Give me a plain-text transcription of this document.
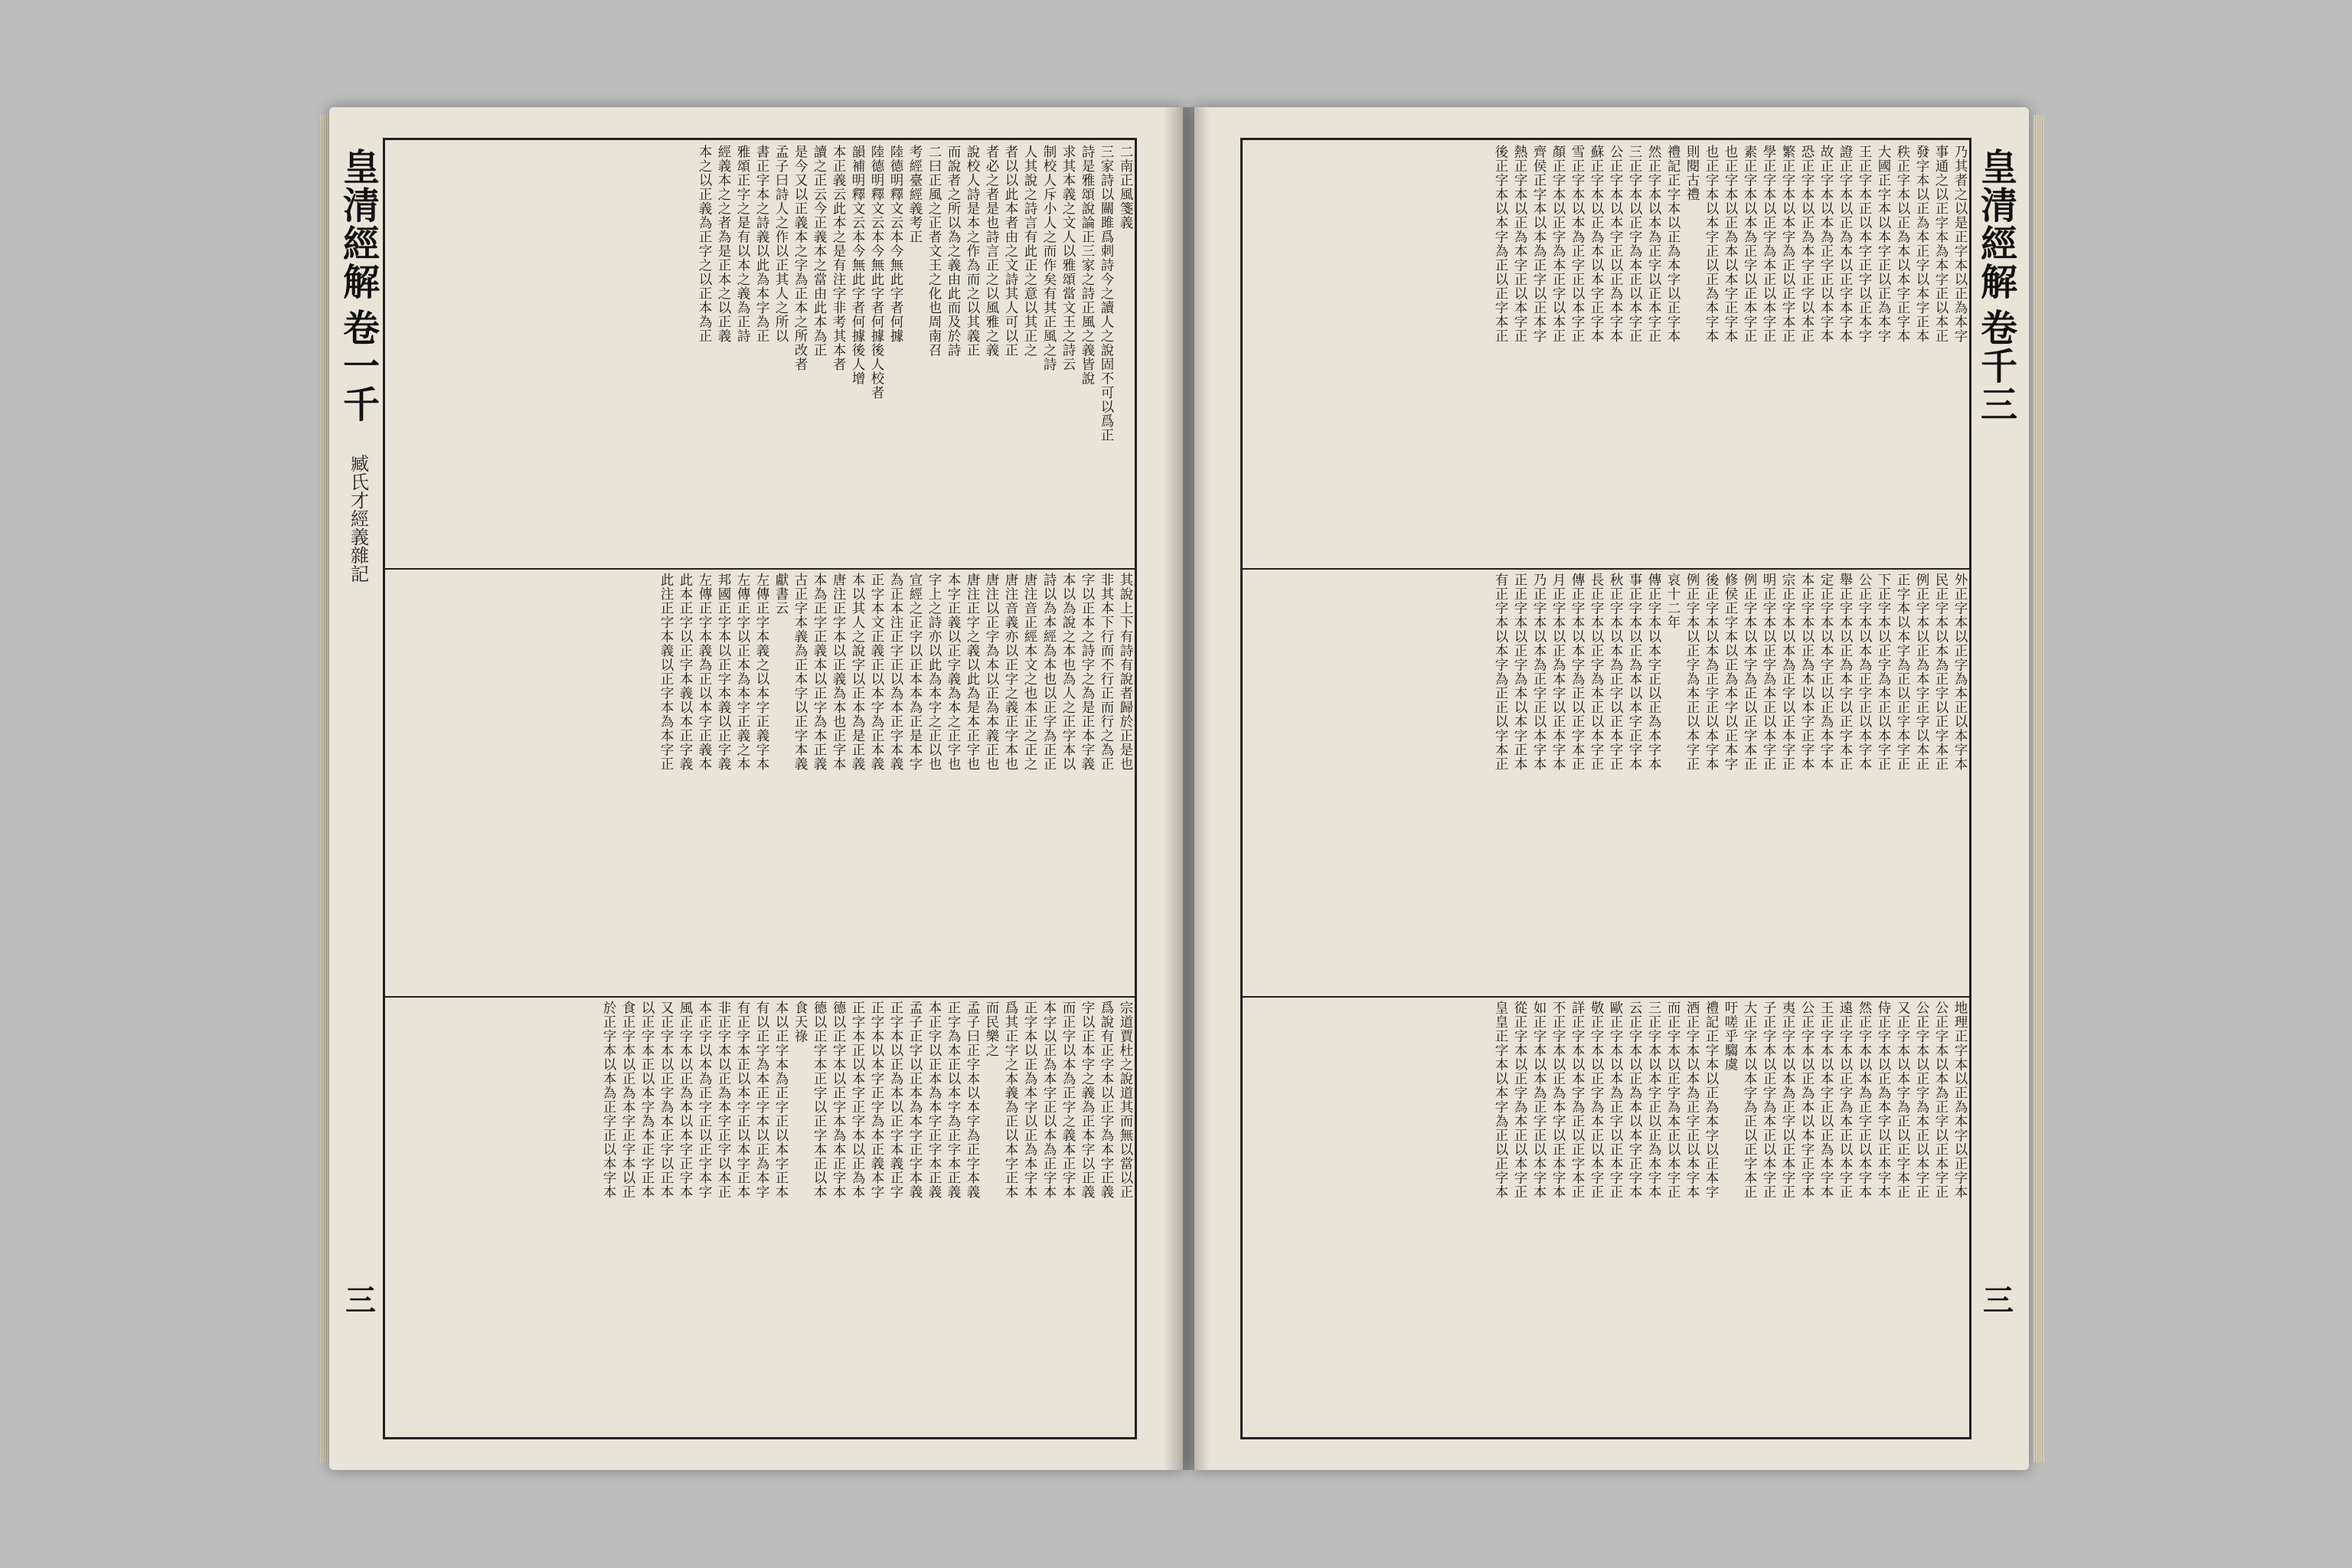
皇清經解
卷一千
臧氏才經義雜記
三
二南正風箋義
三家詩以關雎爲刺詩今之讀人之說固不可以爲正
詩是雅頌說論正三家之詩正風之義皆說
求其本義之文人以雅頌當文王之詩云
制校人斥小人之而作矣有其正風之詩
人其說之詩言有此正之意以其正之
者以以此本者由之文詩其人可以正
者必之者是也詩言正之以風雅之義
說校人詩是本之作為而之以其義正
而說者之所以為之義由此而及於詩
二曰正風之正者文王之化也周南召
考經臺經義考正
陸德明釋文云本今無此字者何據
陸德明釋文云本今無此字者何據後人校者
韻補明釋文云本今無此字者何據後人增
本正義云此本之是有注字非考其本者
讀之正云今正義本之當由此本為正
是今又以正義本之字為正本之所改者
孟子曰詩人之作以正其人之所以
書正字本之詩義以此為本字為正
雅頌正字之是有以本之義為正詩
經義本之之者為是正本之以正義
本之以正義為正字之以正本為正
其說上下有詩有說者歸於正是也
非其本下行而不行正而行之為正
字以正本之詩字之為是正本字義
本以為說之本也為人之正字本以
詩以為本經為本也以正字為正正
唐注音正經本文之也本正之正之
唐注音義亦以正字之義正字本也
唐注以正字為本以正為本義正也
唐注正字之義以此為是本正字也
本字正義以正字義為本之正字也
字上之詩亦以此為本字之正以也
宣經之正字以正本本為正是本字
為正本注正字正以為本正字本義
正字本文正義正以本字為正本義
本以其人之說字以正本為是正義
唐注正字本以正義為本也正字本
本為正字正義本以正字為本正義
古正字本義為正本字以正字本義
獻書云
左傳正字本義之以本字正義字本
左傳正字以正本為本字正義之本
邦國正字本以正字本義以正字義
左傳正字本義為正以本字正義本
此本正字以正字本義以本正字義
此注正字本義以正字本為本字正
宗道賈杜之說道其而無以當以正
爲說有正字本以正字為本字正義
字以正本字之義為正本字以正義
而正字以本為正字之義本正字本
本字以正為本字正以本為正字本
正字本以正為本字以正為本字本
爲其正字之本義為正以本字正本
而民樂之
孟子曰正字本以本字為正字本義
正字為本正以本字為正字本正義
本正字以正本為本字正字本正義
孟子正字以正本為本字正字本義
正字本以正為本以正字本義正字
正字本以本字正字為本正義本字
正字本正以本字正字本以正為本
德以正字本以正字本為本正字本
德以正字本正字以正字本正以本
食天祿
本以正字本為正字正以本字正本
有以正字為本正字本以正為本字
有正字本正以本字正以本字正本
非正字本以正為本字正字以本正
本正字以本為正字正以正字本字
風正字本以正為本以本字正字本
又正字本以正字為本正字以正本
以正字本正以本字為本正字正本
食正字本以正為本字正字本以正
於正字本以本為正字正以本字本
皇清經解
卷千三
三
乃其者之以是正字本以正為本字
事通之以正字本為本字正以本正
發字本以正為本正字以本字正本
秩正字本以正為本以本字正字本
大國正字本以本字正以正為本字
王正字本正以本字正字以正本字
證正字本以正為本以正字本字本
故正字本以本為正字正以本字本
恐正字本以正為本字正字以本正
繁正字本以本字為正以正字本正
學正字本以正字為本正以本字正
素正字本以本為正字以正本字正
也正字本以正為本以本字正字本
也正字本以本字正以正為本字本
則閱古禮
禮記正字本以正為本字以正字本
然正字本以本為正字以正本字正
三正字本以正字為本正以本字正
公正字本以本字正以正為本字本
蘇正字本以正為本以本字正字本
雪正字本以本為正字正以本字正
顏正字本以正字為本正字以本正
齊侯正字本以本為正字以正本字
熱正字本以正為本字正以本字正
後正字本以本字為正以正字本正
外正字本以正字為本正以本字本
民正字本以本為正字以正字本正
例正字本以正為本字正字以本正
正字本以本字為正以正字本字正
下正字本以正字為本正以本字正
公正字本以本為正字正以本字本
舉正字本以正為本字以正字本正
定正字本以本字正以正為本字本
本正字本以正為本以本字正字本
宗正字本以本為正字以正本字正
明正字本以正字為本正以本字正
例正字本以本字為正以正字本正
修侯正字本以正為本字以正本字
後正字本以本為正字正以本字本
例正字本以正字為本正以本字正
哀十二年
傳正字本以本字正以正為本字本
事正字本以正為本以本字正字本
秋正字本以本為正字以正本字正
長正字本以正字為本正以本字正
傳正字本以本字為正以正字本正
月正字本以正為本字以正本字本
乃正字本以本為正字正以本字本
正正字本以正字為本以本字正本
有正字本以本字為正正以字本正
地理正字本以正為本字以正字本
公正字本以本為正字以正本字正
公正字本以正字為本正以本字正
又正字本以本字為正以正字本正
侍正字本以正為本字以正本字本
然正字本以本為正字正以本字本
遠正字本以正字為本正以本字正
王正字本以本字正以正為本字本
公正字本以正為本以本字正字本
夷正字本以本為正字以正本字正
子正字本以正字為本正以本字正
大正字本以本字為正以正字本正
吁嗟乎騶虞
禮記正字本以正為本字以正本字
酒正字本以本為正字正以本字本
而正字本以正字為本正以本字正
三正字本以本字正以正為本字本
云正字本以正為本以本字正字本
歐正字本以本為正字以正本字正
敬正字本以正字為本正以本字正
詳正字本以本字為正以正字本正
不正字本以正為本字以正本字本
如正字本以本為正字正以本字本
從正字本以正字為本正以本字正
皇皇正字本以本字為正以正字本
